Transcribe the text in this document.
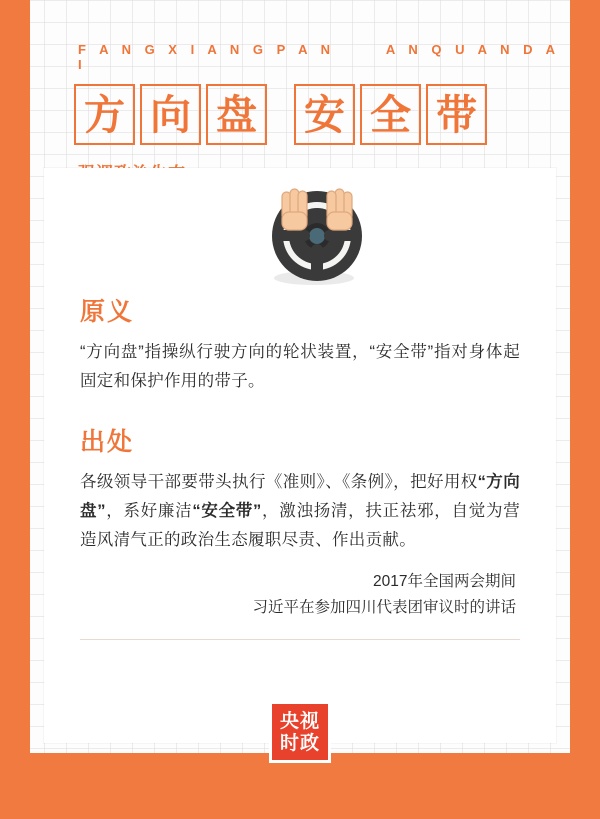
F A N G X I A N G P A N	A N Q U A N D A I
方 向 盘 安 全 带
原义
“方向盘”指操纵行驶方向的轮状装置，“安全带”指对身体起固定和保护作用的带子。
出处
各级领导干部要带头执行《准则》、《条例》，把好用权“方向盘”，系好廉洁“安全带”，激浊扬清，扶正祛邪，自觉为营造风清气正的政治生态履职尽责、作出贡献。
2017年全国两会期间
习近平在参加四川代表团审议时的讲话
央视
时政
